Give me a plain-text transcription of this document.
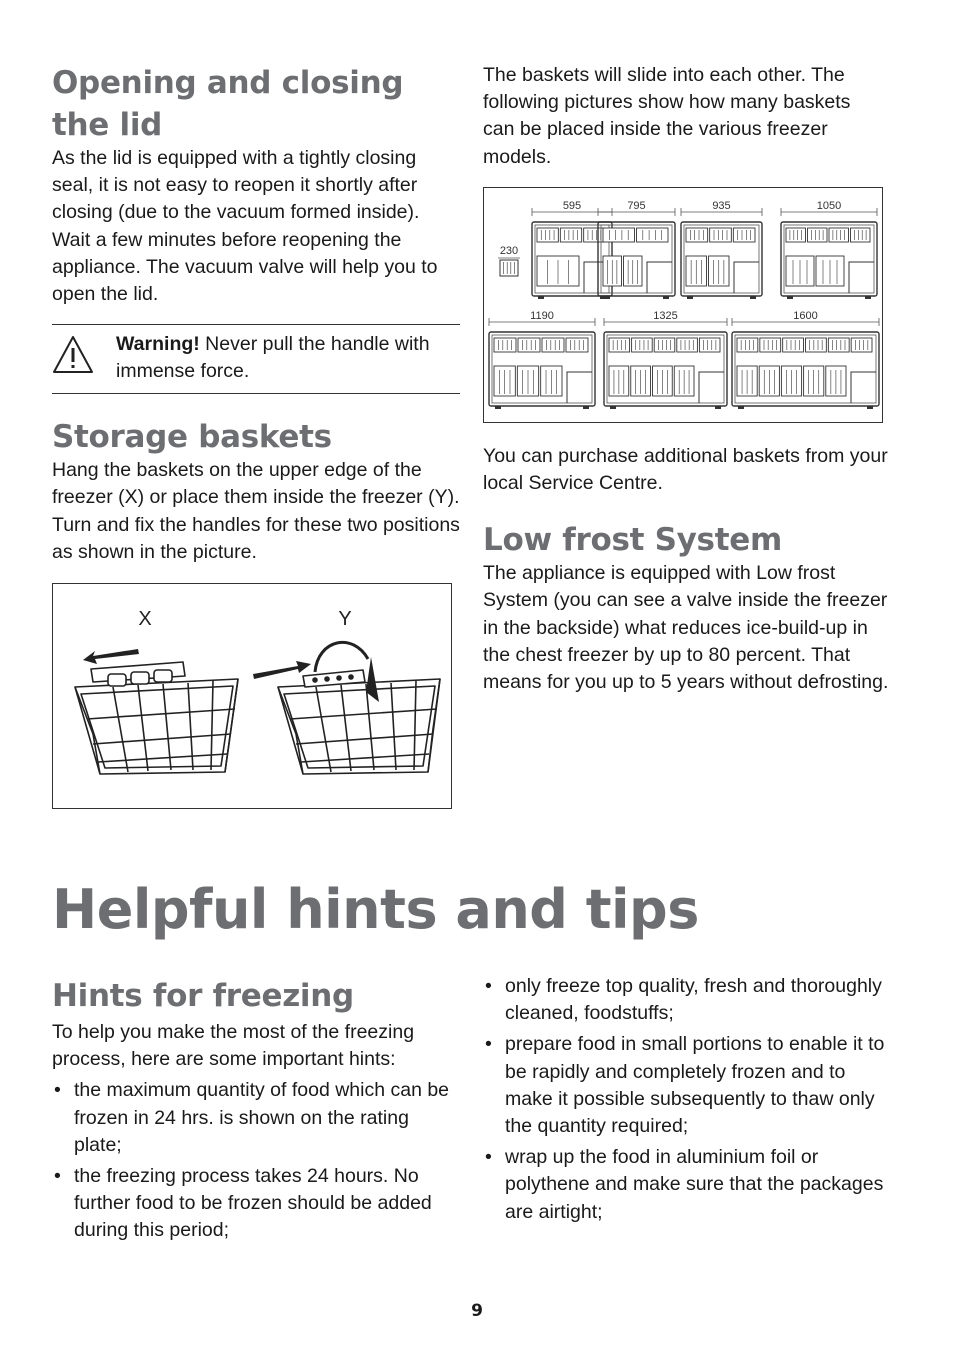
Opening and closing the lid

As the lid is equipped with a tightly closing seal, it is not easy to reopen it shortly after closing (due to the vacuum formed inside).

Wait a few minutes before reopening the appliance. The vacuum valve will help you to open the lid.

Warning! Never pull the handle with immense force.

Storage baskets

Hang the baskets on the upper edge of the freezer (X) or place them inside the freezer (Y). Turn and fix the handles for these two positions as shown in the picture.

X	Y

The baskets will slide into each other. The following pictures show how many baskets can be placed inside the various freezer models.

595	795	935	1050
1190	1325	1600
230

You can purchase additional baskets from your local Service Centre.

Low frost System

The appliance is equipped with Low frost System (you can see a valve inside the freezer in the backside) what reduces ice-build-up in the chest freezer by up to 80 percent. That means for you up to 5 years without defrosting.

Helpful hints and tips
Hints for freezing

To help you make the most of the freezing process, here are some important hints:

• the maximum quantity of food which can be frozen in 24 hrs. is shown on the rating plate;
• the freezing process takes 24 hours. No further food to be frozen should be added during this period;
• only freeze top quality, fresh and thoroughly cleaned, foodstuffs;
• prepare food in small portions to enable it to be rapidly and completely frozen and to make it possible subsequently to thaw only the quantity required;
• wrap up the food in aluminium foil or polythene and make sure that the packages are airtight;
9
